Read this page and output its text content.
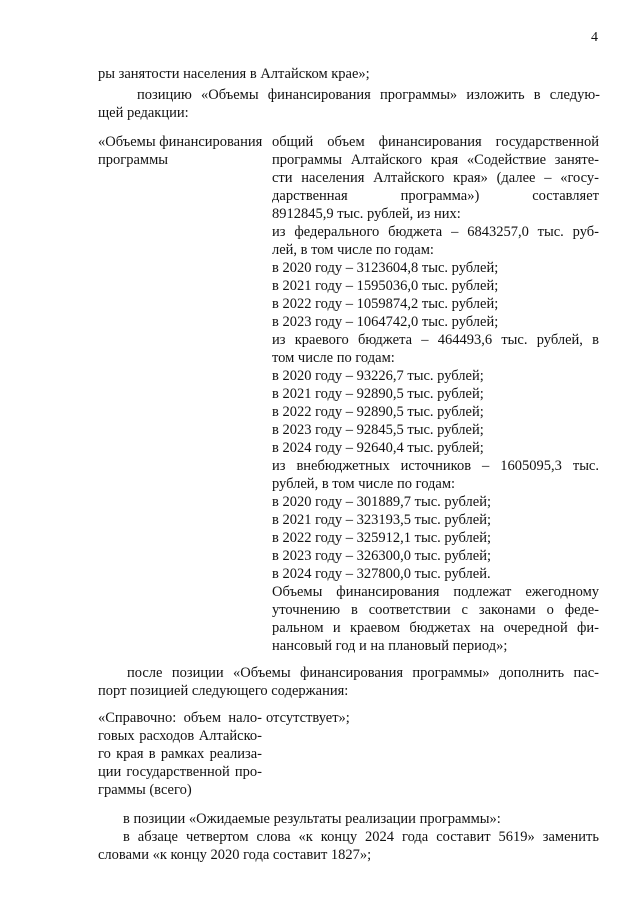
4
ры занятости населения в Алтайском крае»;
позицию «Объемы финансирования программы» изложить в следую-
щей редакции:
«Объемы финансирования
программы
общий объем финансирования государственной
программы Алтайского края «Содействие заняте-
сти населения Алтайского края» (далее – «госу-
дарственная программа») составляет
8912845,9 тыс. рублей, из них:
из федерального бюджета – 6843257,0 тыс. руб-
лей, в том числе по годам:
в 2020 году – 3123604,8 тыс. рублей;
в 2021 году – 1595036,0 тыс. рублей;
в 2022 году – 1059874,2 тыс. рублей;
в 2023 году – 1064742,0 тыс. рублей;
из краевого бюджета – 464493,6 тыс. рублей, в
том числе по годам:
в 2020 году – 93226,7 тыс. рублей;
в 2021 году – 92890,5 тыс. рублей;
в 2022 году – 92890,5 тыс. рублей;
в 2023 году – 92845,5 тыс. рублей;
в 2024 году – 92640,4 тыс. рублей;
из внебюджетных источников – 1605095,3 тыс.
рублей, в том числе по годам:
в 2020 году – 301889,7 тыс. рублей;
в 2021 году – 323193,5 тыс. рублей;
в 2022 году – 325912,1 тыс. рублей;
в 2023 году – 326300,0 тыс. рублей;
в 2024 году – 327800,0 тыс. рублей.
Объемы финансирования подлежат ежегодному
уточнению в соответствии с законами о феде-
ральном и краевом бюджетах на очередной фи-
нансовый год и на плановый период»;
после позиции «Объемы финансирования программы» дополнить пас-
порт позицией следующего содержания:
«Справочно: объем нало-
говых расходов Алтайско-
го края в рамках реализа-
ции государственной про-
граммы (всего)
отсутствует»;
в позиции «Ожидаемые результаты реализации программы»:
в абзаце четвертом слова «к концу 2024 года составит 5619» заменить
словами «к концу 2020 года составит 1827»;
